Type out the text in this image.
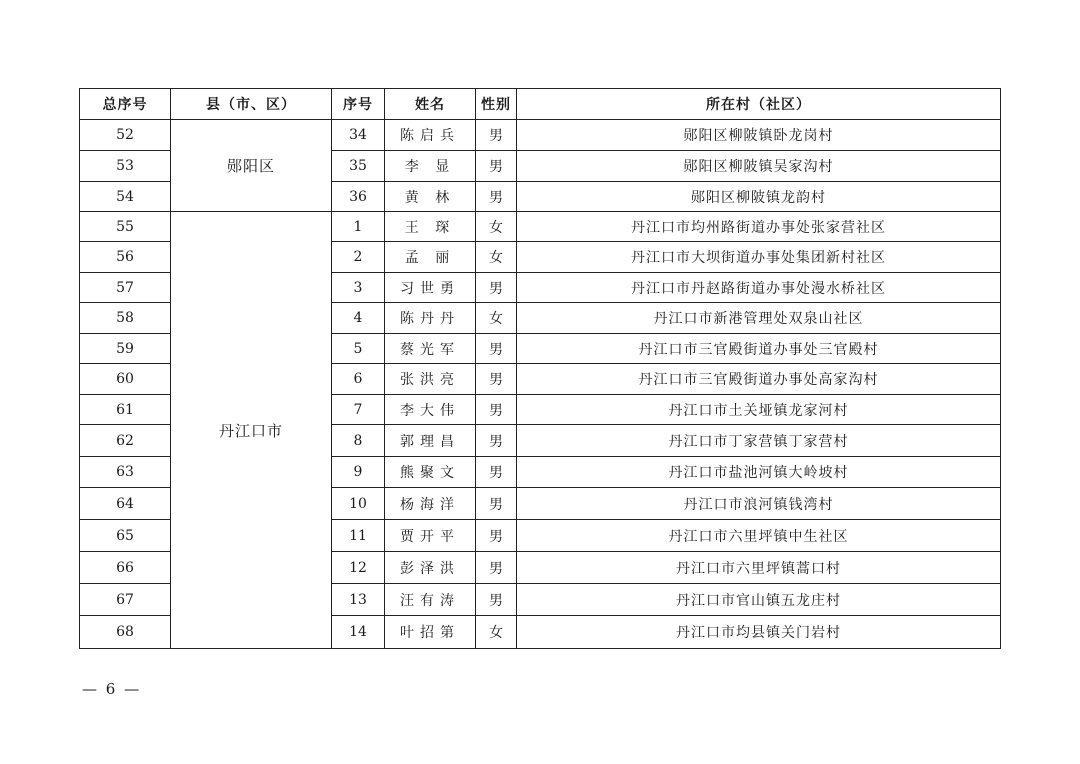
总序号	县（市、区）	序号	姓名	性别	所在村（社区）
52	郧阳区	34	陈启兵	男	郧阳区柳陂镇卧龙岗村
53		35	李 显	男	郧阳区柳陂镇吴家沟村
54		36	黄 林	男	郧阳区柳陂镇龙韵村
55	丹江口市	1	王 琛	女	丹江口市均州路街道办事处张家营社区
56		2	孟 丽	女	丹江口市大坝街道办事处集团新村社区
57		3	习世勇	男	丹江口市丹赵路街道办事处漫水桥社区
58		4	陈丹丹	女	丹江口市新港管理处双泉山社区
59		5	蔡光军	男	丹江口市三官殿街道办事处三官殿村
60		6	张洪亮	男	丹江口市三官殿街道办事处高家沟村
61		7	李大伟	男	丹江口市土关垭镇龙家河村
62		8	郭理昌	男	丹江口市丁家营镇丁家营村
63		9	熊聚文	男	丹江口市盐池河镇大岭坡村
64		10	杨海洋	男	丹江口市浪河镇钱湾村
65		11	贾开平	男	丹江口市六里坪镇中生社区
66		12	彭泽洪	男	丹江口市六里坪镇蒿口村
67		13	汪有涛	男	丹江口市官山镇五龙庄村
68		14	叶招第	女	丹江口市均县镇关门岩村
— 6 —
